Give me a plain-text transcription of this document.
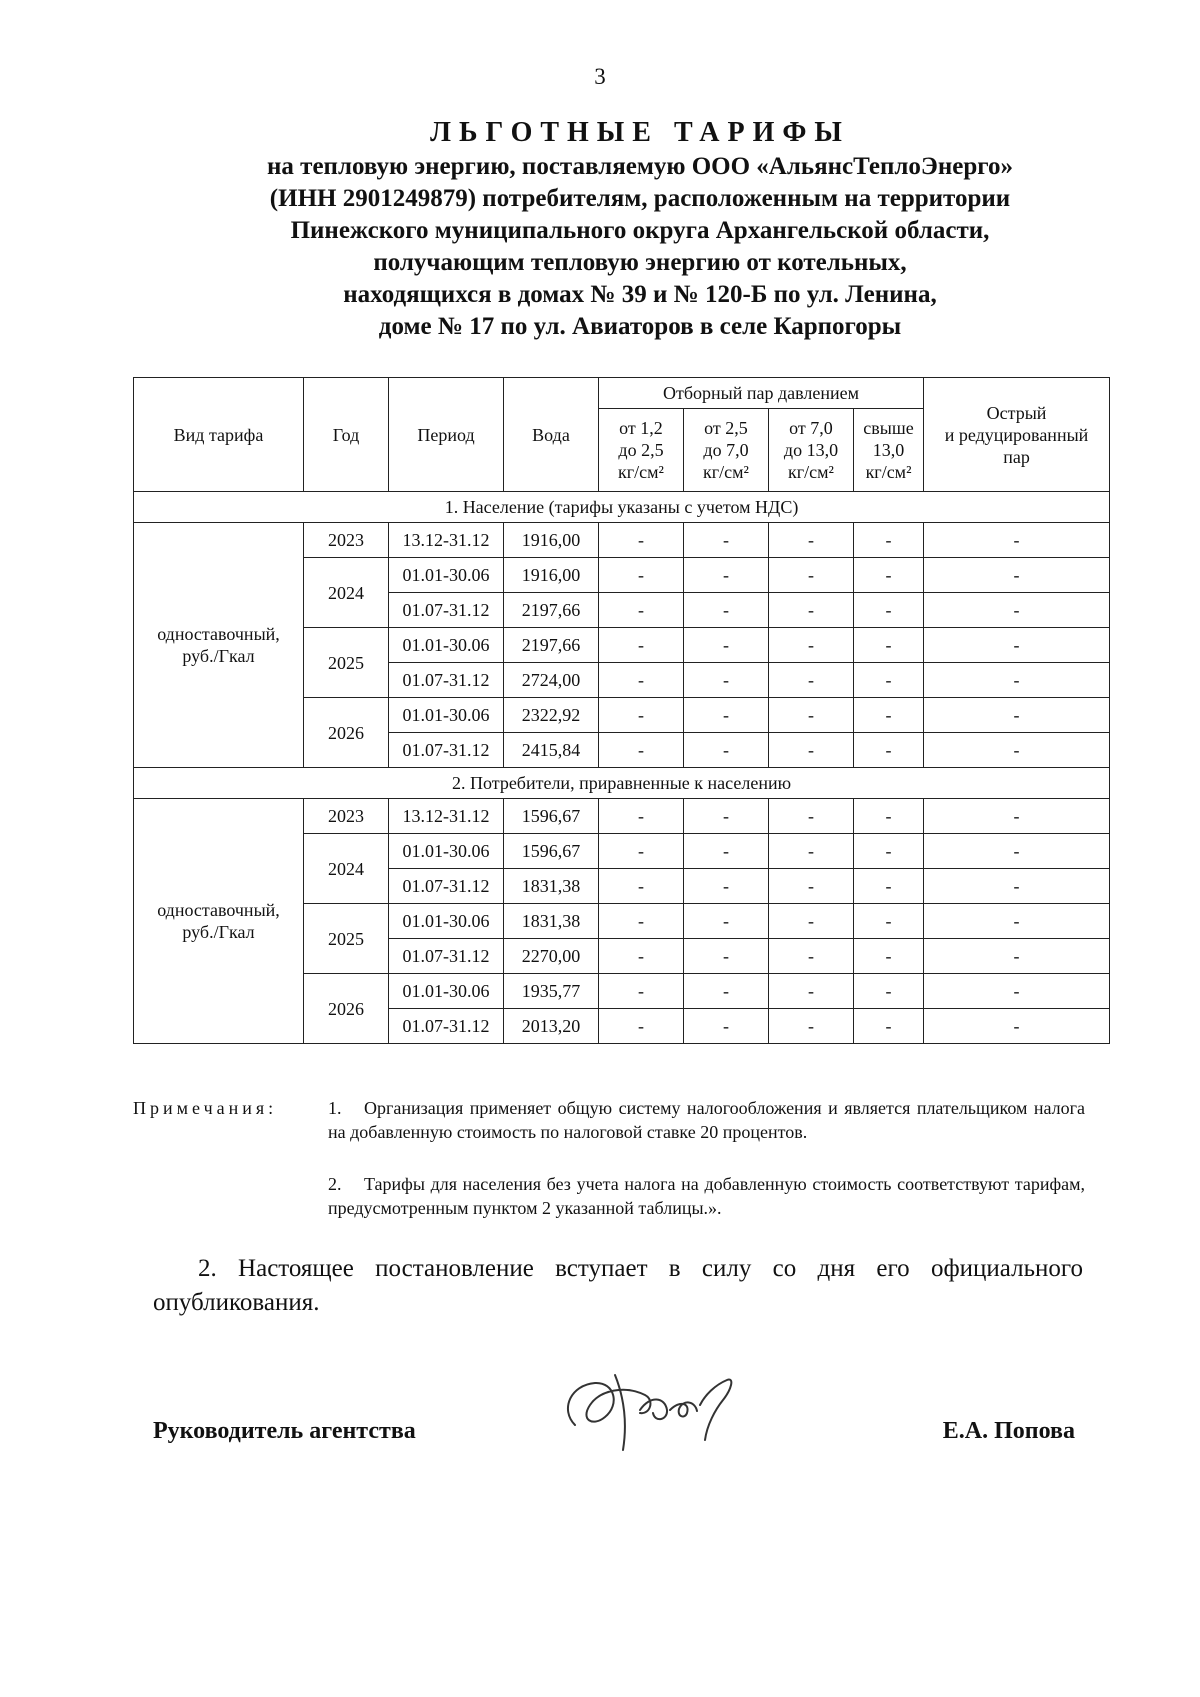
3
ЛЬГОТНЫЕ ТАРИФЫ
на тепловую энергию, поставляемую ООО «АльянсТеплоЭнерго»
(ИНН 2901249879) потребителям, расположенным на территории
Пинежского муниципального округа Архангельской области,
получающим тепловую энергию от котельных,
находящихся в домах № 39 и № 120-Б по ул. Ленина,
доме № 17 по ул. Авиаторов в селе Карпогоры
Вид тарифа	Год	Период	Вода	Отборный пар давлением				Острый
и редуцированный
пар
				от 1,2
до 2,5
кг/см²	от 2,5
до 7,0
кг/см²	от 7,0
до 13,0
кг/см²	свыше
13,0
кг/см²	
1. Население (тарифы указаны с учетом НДС)								
одноставочный,
руб./Гкал	2023	13.12-31.12	1916,00	-	-	-	-	-
	2024	01.01-30.06	1916,00	-	-	-	-	-
		01.07-31.12	2197,66	-	-	-	-	-
	2025	01.01-30.06	2197,66	-	-	-	-	-
		01.07-31.12	2724,00	-	-	-	-	-
	2026	01.01-30.06	2322,92	-	-	-	-	-
		01.07-31.12	2415,84	-	-	-	-	-
2. Потребители, приравненные к населению								
одноставочный,
руб./Гкал	2023	13.12-31.12	1596,67	-	-	-	-	-
	2024	01.01-30.06	1596,67	-	-	-	-	-
		01.07-31.12	1831,38	-	-	-	-	-
	2025	01.01-30.06	1831,38	-	-	-	-	-
		01.07-31.12	2270,00	-	-	-	-	-
	2026	01.01-30.06	1935,77	-	-	-	-	-
		01.07-31.12	2013,20	-	-	-	-	-
Примечания:	1. Организация применяет общую систему налогообложения и является плательщиком налога на добавленную стоимость по налоговой ставке 20 процентов.
2. Тарифы для населения без учета налога на добавленную стоимость соответствуют тарифам, предусмотренным пунктом 2 указанной таблицы.».
2. Настоящее постановление вступает в силу со дня его официального опубликования.
Руководитель агентства	Е.А. Попова
